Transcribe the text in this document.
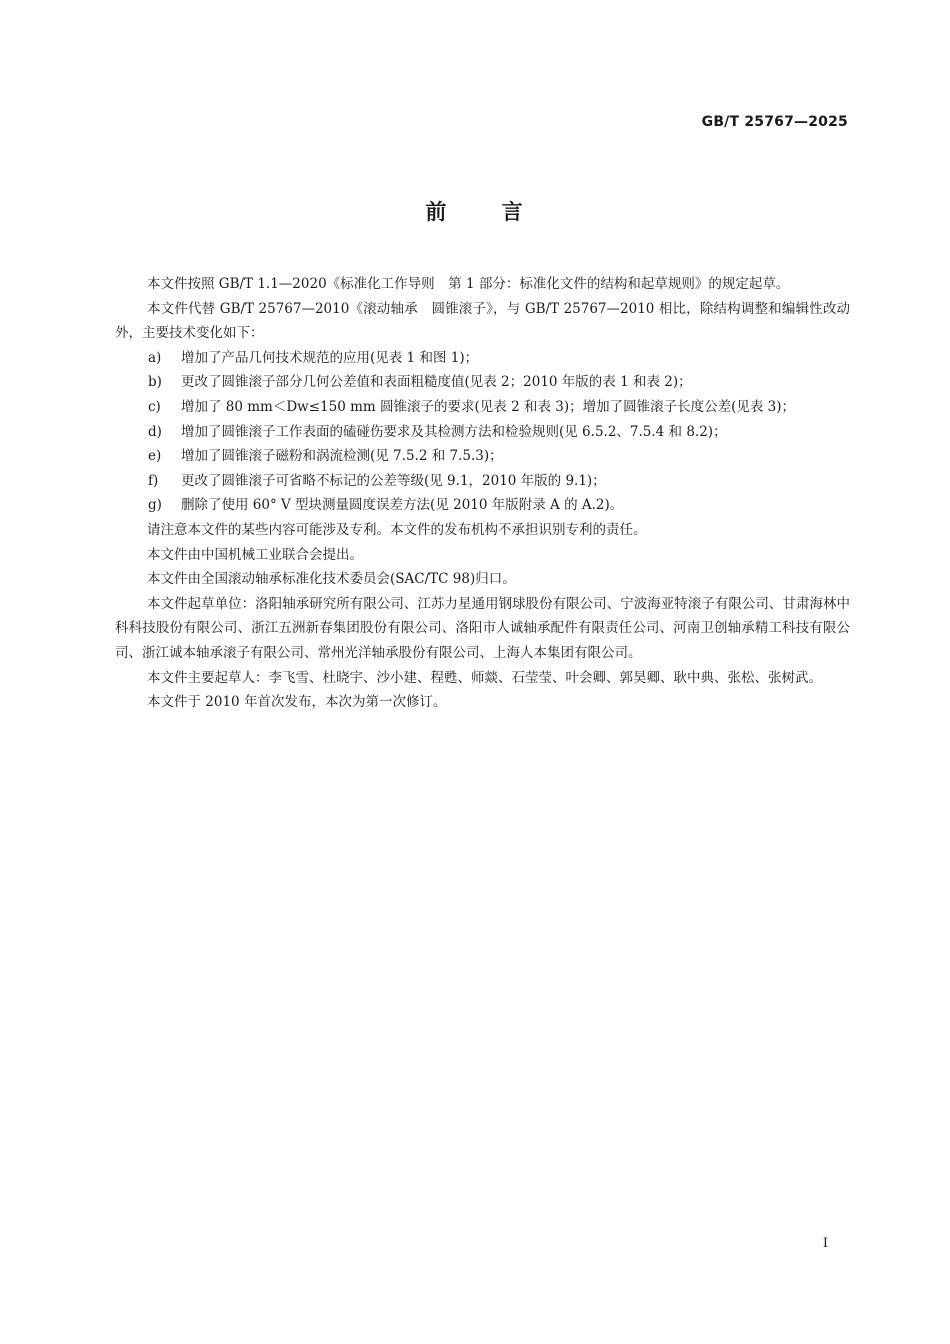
GB/T 25767—2025
前 言

本文件按照 GB/T 1.1—2020《标准化工作导则　第 1 部分：标准化文件的结构和起草规则》的规定起草。

本文件代替 GB/T 25767—2010《滚动轴承　圆锥滚子》，与 GB/T 25767—2010 相比，除结构调整和编辑性改动外，主要技术变化如下：

a) 增加了产品几何技术规范的应用(见表 1 和图 1)；

b) 更改了圆锥滚子部分几何公差值和表面粗糙度值(见表 2；2010 年版的表 1 和表 2)；

c) 增加了 80 mm＜Dw≤150 mm 圆锥滚子的要求(见表 2 和表 3)；增加了圆锥滚子长度公差(见表 3)；

d) 增加了圆锥滚子工作表面的磕碰伤要求及其检测方法和检验规则(见 6.5.2、7.5.4 和 8.2)；

e) 增加了圆锥滚子磁粉和涡流检测(见 7.5.2 和 7.5.3)；

f) 更改了圆锥滚子可省略不标记的公差等级(见 9.1，2010 年版的 9.1)；

g) 删除了使用 60° V 型块测量圆度误差方法(见 2010 年版附录 A 的 A.2)。

请注意本文件的某些内容可能涉及专利。本文件的发布机构不承担识别专利的责任。

本文件由中国机械工业联合会提出。

本文件由全国滚动轴承标准化技术委员会(SAC/TC 98)归口。

本文件起草单位：洛阳轴承研究所有限公司、江苏力星通用钢球股份有限公司、宁波海亚特滚子有限公司、甘肃海林中科科技股份有限公司、浙江五洲新春集团股份有限公司、洛阳市人诚轴承配件有限责任公司、河南卫创轴承精工科技有限公司、浙江诚本轴承滚子有限公司、常州光洋轴承股份有限公司、上海人本集团有限公司。

本文件主要起草人：李飞雪、杜晓宇、沙小建、程甦、师燚、石莹莹、叶会卿、郭昊卿、耿中典、张松、张树武。

本文件于 2010 年首次发布，本次为第一次修订。

I
